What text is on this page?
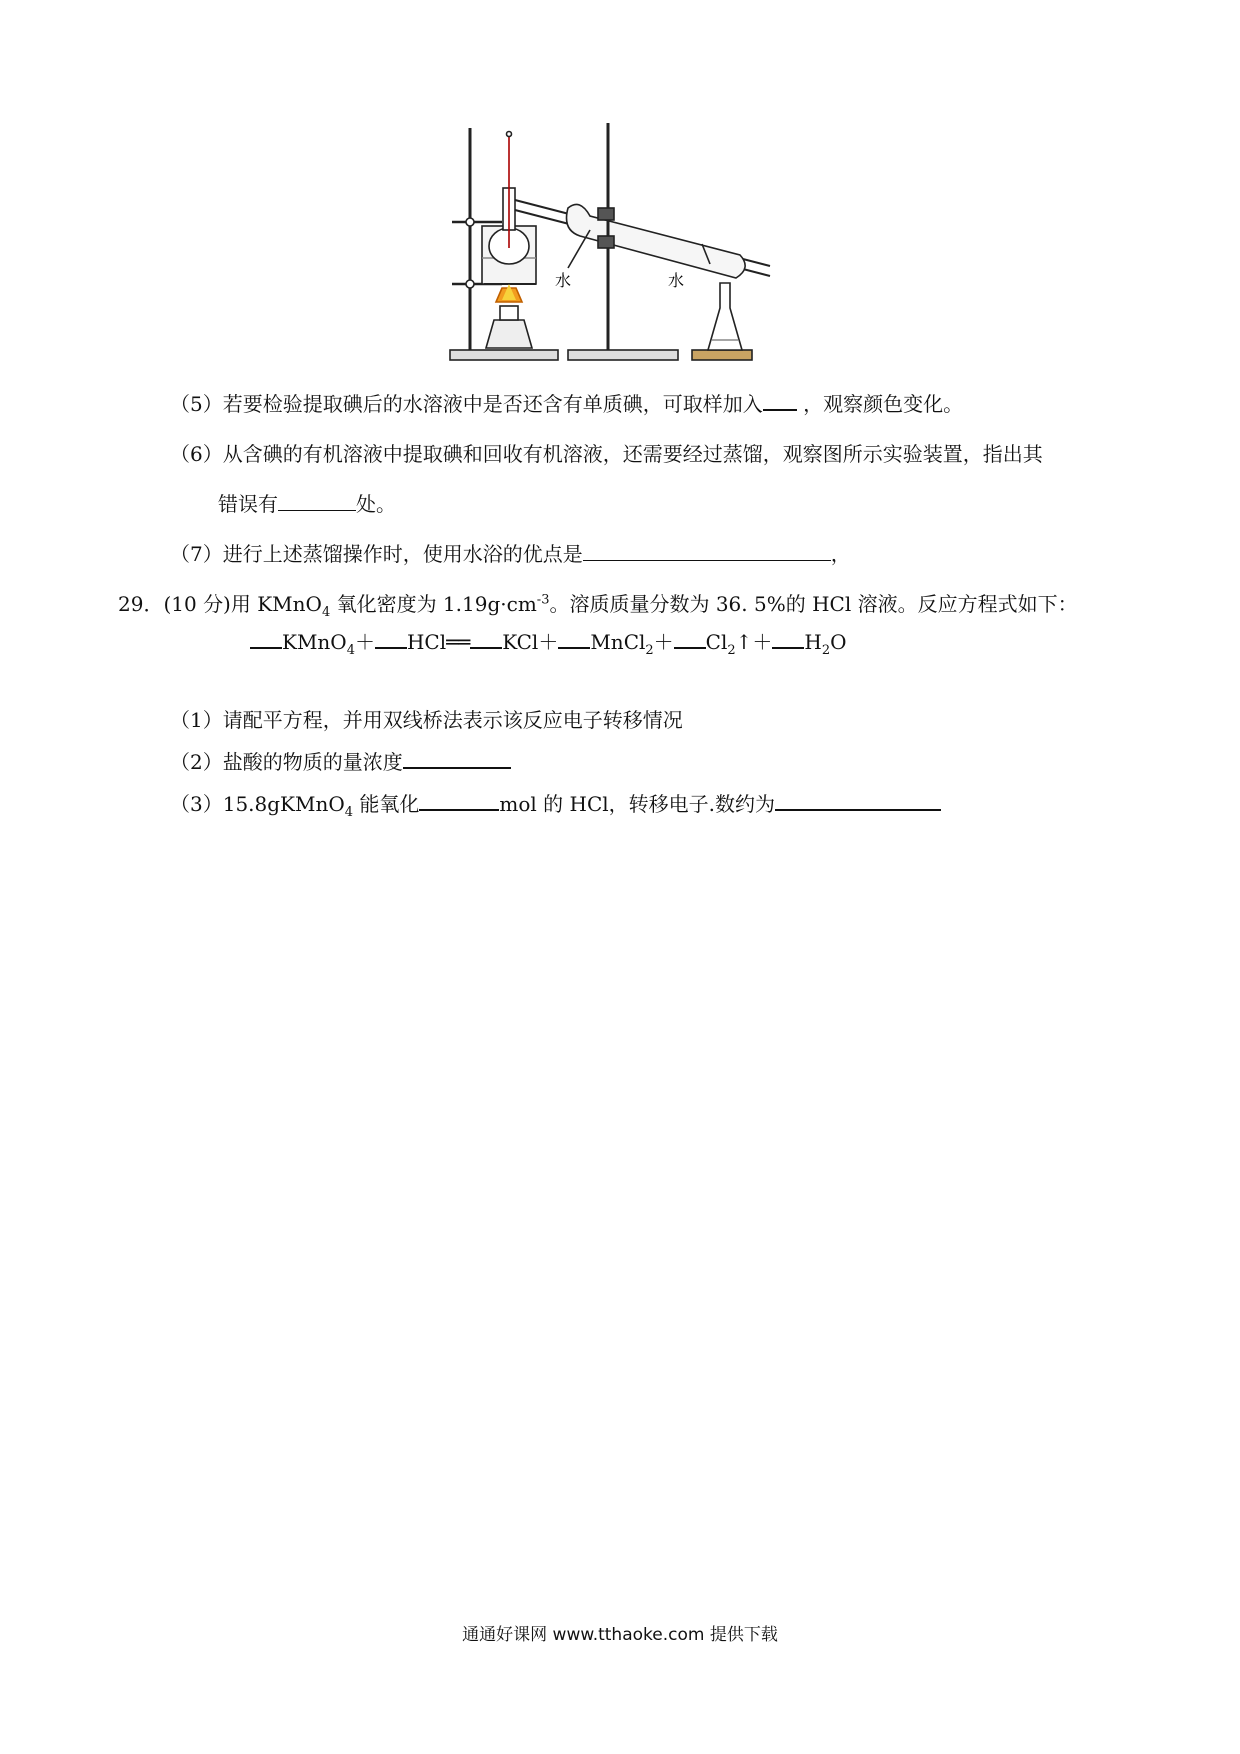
水	水
（5）若要检验提取碘后的水溶液中是否还含有单质碘，可取样加入 ，观察颜色变化。
（6）从含碘的有机溶液中提取碘和回收有机溶液，还需要经过蒸馏，观察图所示实验装置，指出其
错误有	处。
（7）进行上述蒸馏操作时，使用水浴的优点是	，
29．(10 分)用 KMnO$_4$ 氧化密度为 $1.19g\cdot cm^{-3}$。溶质质量分数为 36. 5%的 HCl 溶液。反应方程式如下：
KMnO$_4$＋ HCl══ KCl＋ MnCl$_2$＋ $Cl_2↑+ H_2O$
（1）请配平方程，并用双线桥法表示该反应电子转移情况
（2）盐酸的物质的量浓度
（3）15.8gKMnO$_4$ 能氧化	mol 的 HCl，转移电子.数约为
通通好课网 www.tthaoke.com 提供下载
